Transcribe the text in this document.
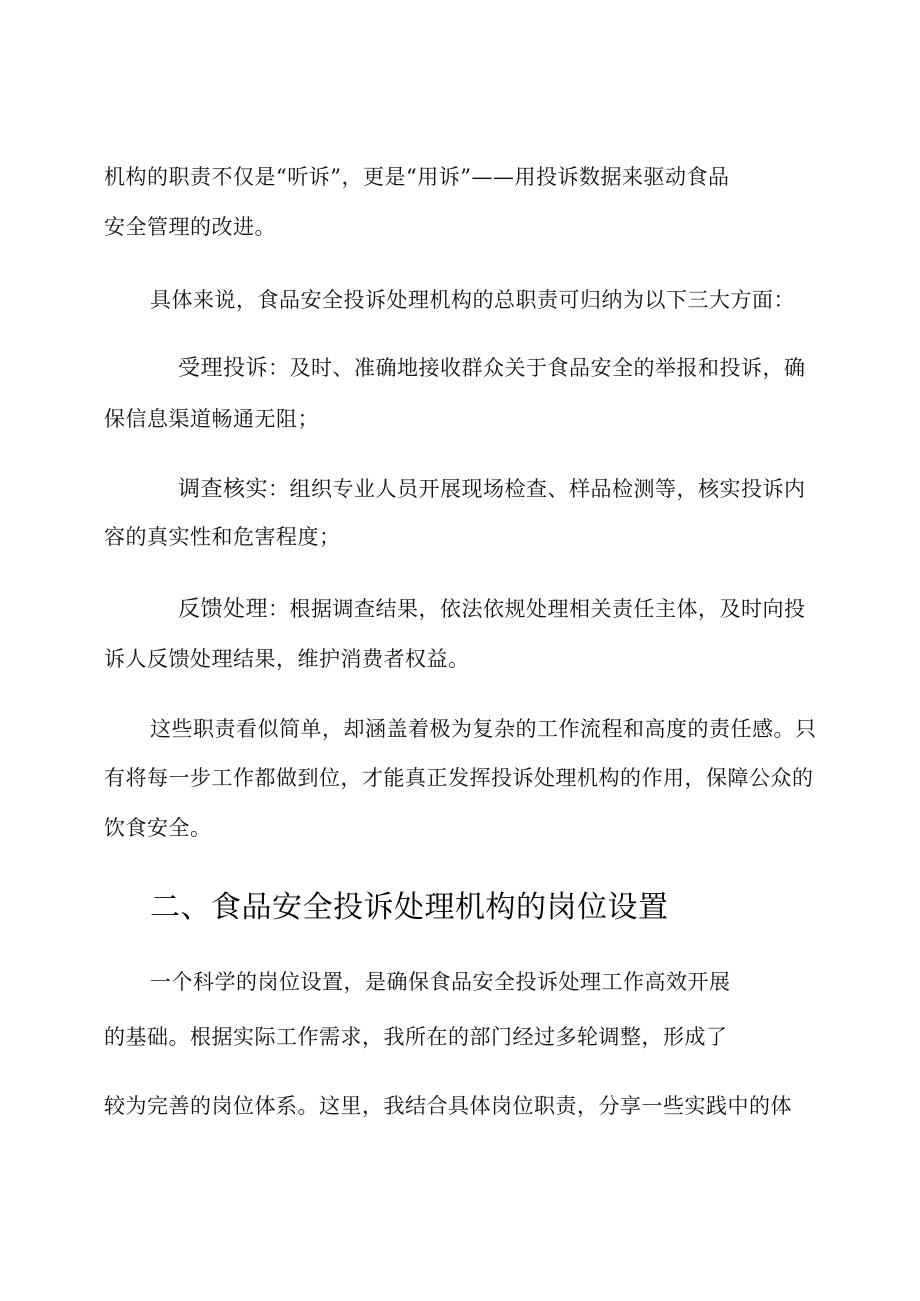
机构的职责不仅是“听诉”，更是“用诉”——用投诉数据来驱动食品
安全管理的改进。
具体来说，食品安全投诉处理机构的总职责可归纳为以下三大方面：
受理投诉：及时、准确地接收群众关于食品安全的举报和投诉，确
保信息渠道畅通无阻；
调查核实：组织专业人员开展现场检查、样品检测等，核实投诉内
容的真实性和危害程度；
反馈处理：根据调查结果，依法依规处理相关责任主体，及时向投
诉人反馈处理结果，维护消费者权益。
这些职责看似简单，却涵盖着极为复杂的工作流程和高度的责任感。只
有将每一步工作都做到位，才能真正发挥投诉处理机构的作用，保障公众的
饮食安全。
二、食品安全投诉处理机构的岗位设置
一个科学的岗位设置，是确保食品安全投诉处理工作高效开展
的基础。根据实际工作需求，我所在的部门经过多轮调整，形成了
较为完善的岗位体系。这里，我结合具体岗位职责，分享一些实践中的体
